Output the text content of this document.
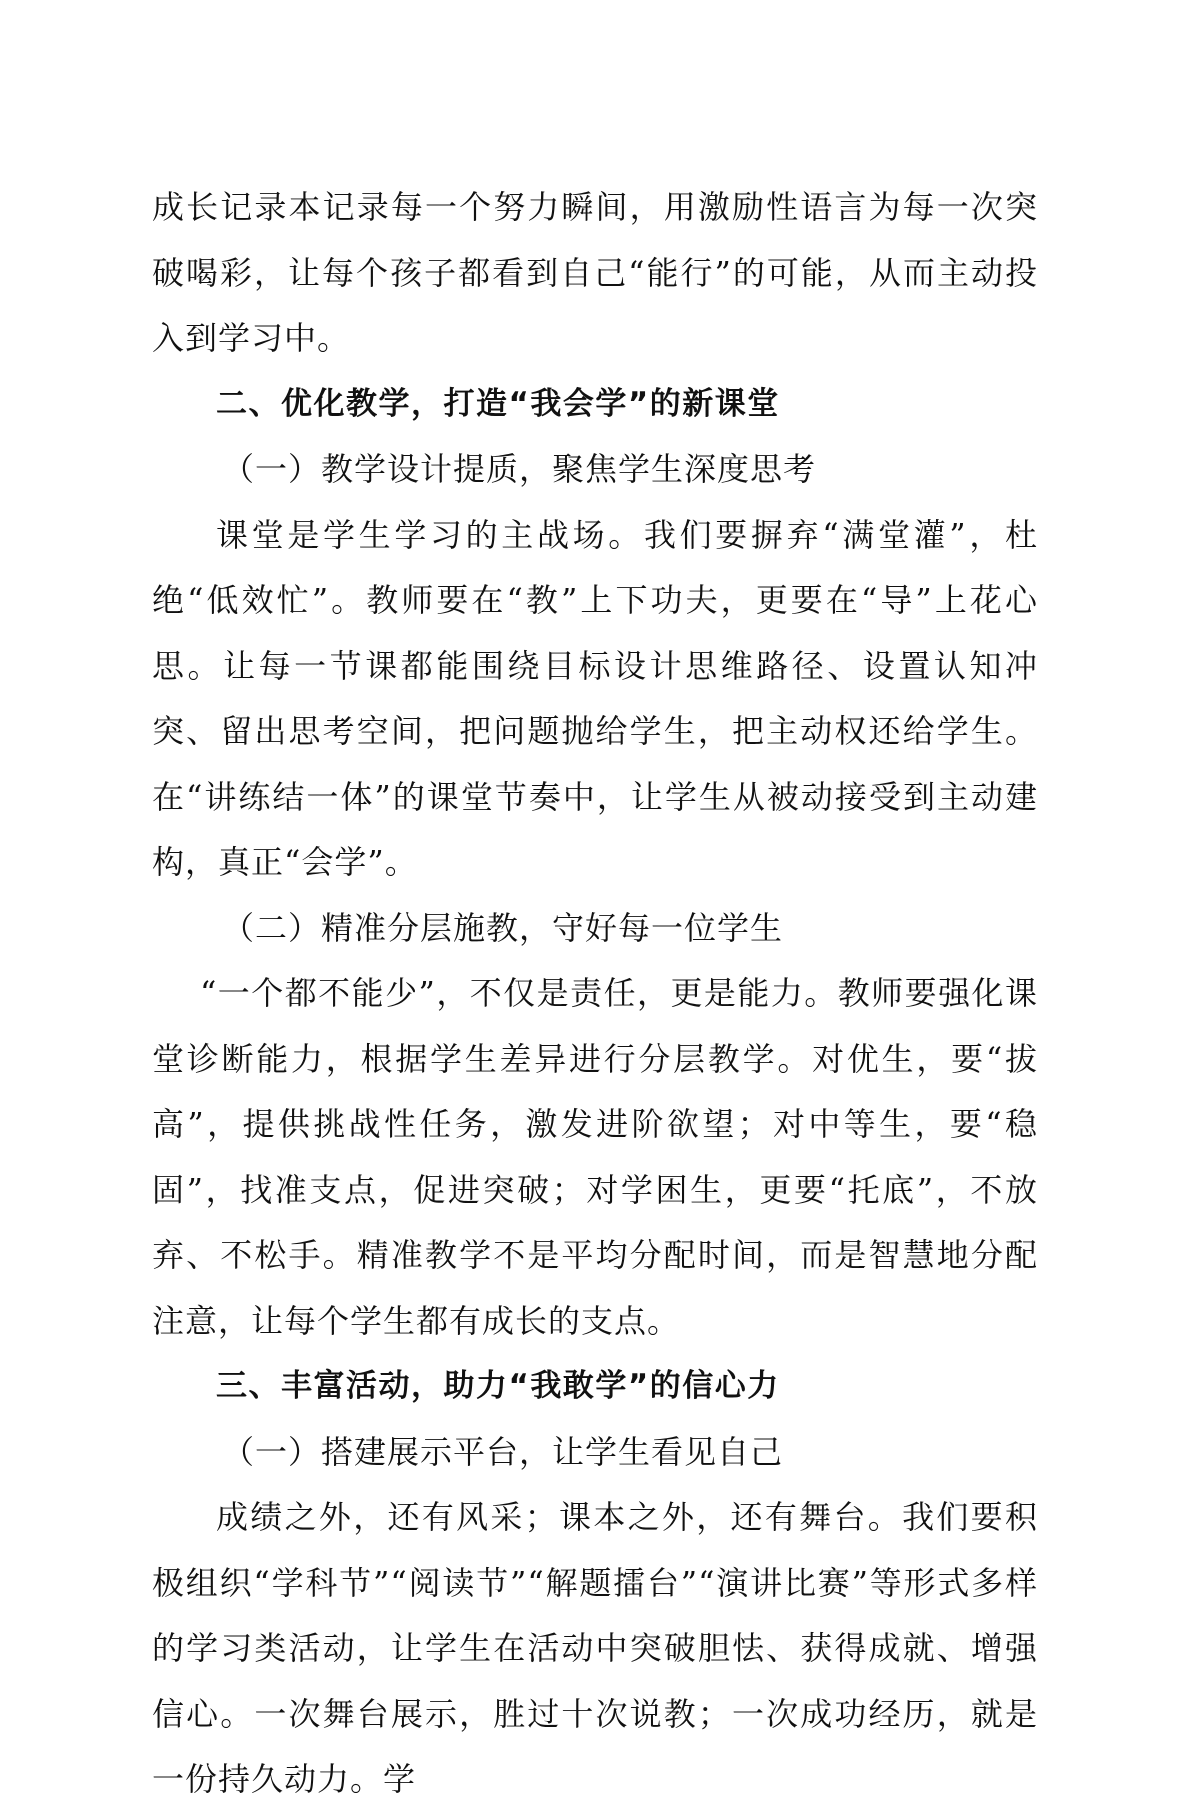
成长记录本记录每一个努力瞬间，用激励性语言为每一次突破喝彩，让每个孩子都看到自己“能行”的可能，从而主动投入到学习中。

二、优化教学，打造“我会学”的新课堂

（一）教学设计提质，聚焦学生深度思考

课堂是学生学习的主战场。我们要摒弃“满堂灌”，杜绝“低效忙”。教师要在“教”上下功夫，更要在“导”上花心思。让每一节课都能围绕目标设计思维路径、设置认知冲突、留出思考空间，把问题抛给学生，把主动权还给学生。在“讲练结一体”的课堂节奏中，让学生从被动接受到主动建构，真正“会学”。

（二）精准分层施教，守好每一位学生

“一个都不能少”，不仅是责任，更是能力。教师要强化课堂诊断能力，根据学生差异进行分层教学。对优生，要“拔高”，提供挑战性任务，激发进阶欲望；对中等生，要“稳固”，找准支点，促进突破；对学困生，更要“托底”，不放弃、不松手。精准教学不是平均分配时间，而是智慧地分配注意，让每个学生都有成长的支点。

三、丰富活动，助力“我敢学”的信心力

（一）搭建展示平台，让学生看见自己

成绩之外，还有风采；课本之外，还有舞台。我们要积极组织“学科节”“阅读节”“解题擂台”“演讲比赛”等形式多样的学习类活动，让学生在活动中突破胆怯、获得成就、增强信心。一次舞台展示，胜过十次说教；一次成功经历，就是一份持久动力。学
